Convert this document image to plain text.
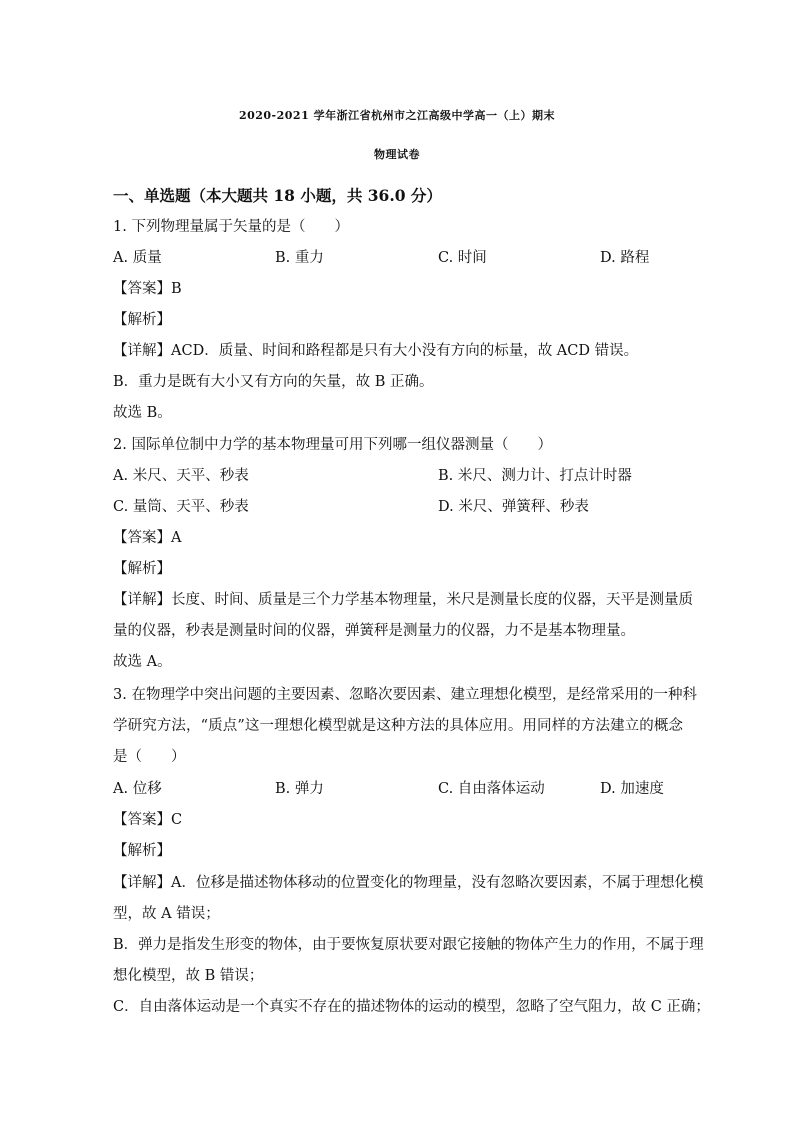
2020-2021 学年浙江省杭州市之江高级中学高一（上）期末
物理试卷
一、单选题（本大题共 18 小题，共 36.0 分）
1. 下列物理量属于矢量的是（　　）
A. 质量	B. 重力	C. 时间	D. 路程
【答案】B
【解析】
【详解】ACD．质量、时间和路程都是只有大小没有方向的标量，故 ACD 错误。
B．重力是既有大小又有方向的矢量，故 B 正确。
故选 B。
2. 国际单位制中力学的基本物理量可用下列哪一组仪器测量（　　）
A. 米尺、天平、秒表	B. 米尺、测力计、打点计时器
C. 量筒、天平、秒表	D. 米尺、弹簧秤、秒表
【答案】A
【解析】
【详解】长度、时间、质量是三个力学基本物理量，米尺是测量长度的仪器，天平是测量质
量的仪器，秒表是测量时间的仪器，弹簧秤是测量力的仪器，力不是基本物理量。
故选 A。
3. 在物理学中突出问题的主要因素、忽略次要因素、建立理想化模型，是经常采用的一种科
学研究方法，“质点”这一理想化模型就是这种方法的具体应用。用同样的方法建立的概念
是（　　）
A. 位移	B. 弹力	C. 自由落体运动	D. 加速度
【答案】C
【解析】
【详解】A．位移是描述物体移动的位置变化的物理量，没有忽略次要因素，不属于理想化模
型，故 A 错误；
B．弹力是指发生形变的物体，由于要恢复原状要对跟它接触的物体产生力的作用，不属于理
想化模型，故 B 错误；
C．自由落体运动是一个真实不存在的描述物体的运动的模型，忽略了空气阻力，故 C 正确；
